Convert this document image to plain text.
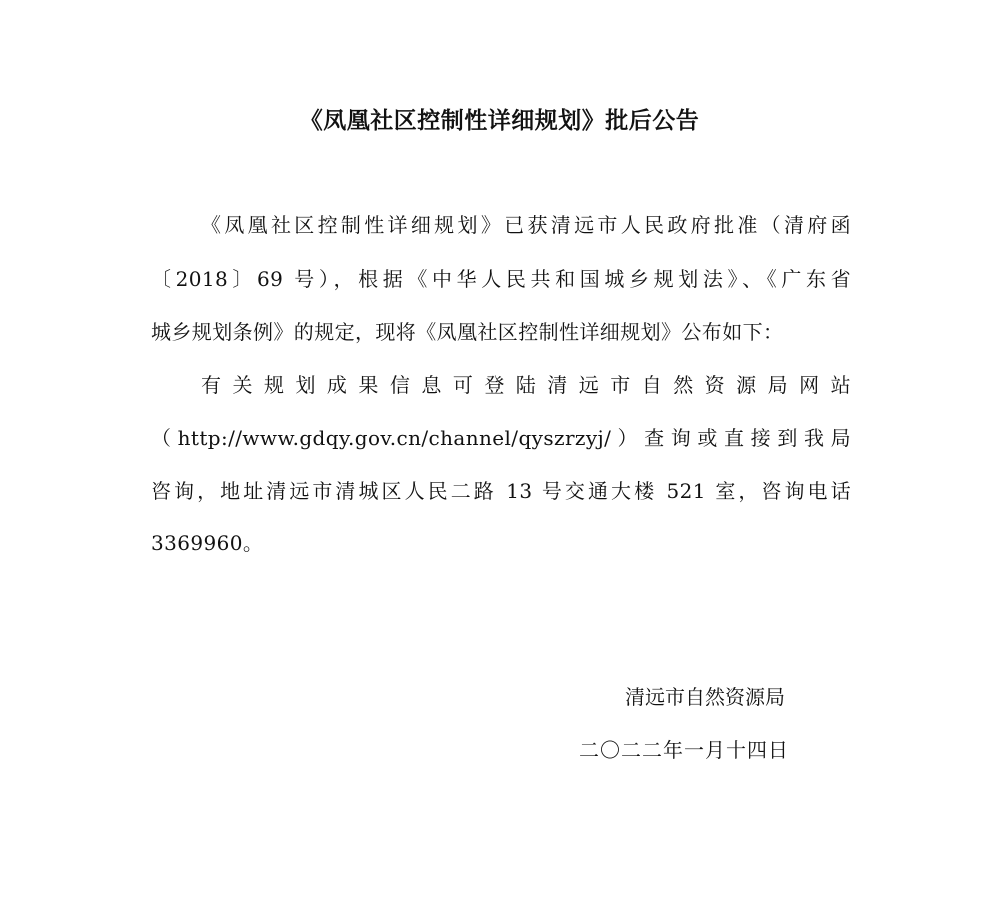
《凤凰社区控制性详细规划》批后公告
《凤凰社区控制性详细规划》已获清远市人民政府批准（清府函
〔2018〕69 号），根据《中华人民共和国城乡规划法》、《广东省
城乡规划条例》的规定，现将《凤凰社区控制性详细规划》公布如下：
有关规划成果信息可登陆清远市自然资源局网站
（http://www.gdqy.gov.cn/channel/qyszrzyj/）查询或直接到我局
咨询，地址清远市清城区人民二路 13 号交通大楼 521 室，咨询电话
3369960。
清远市自然资源局
二〇二二年一月十四日
